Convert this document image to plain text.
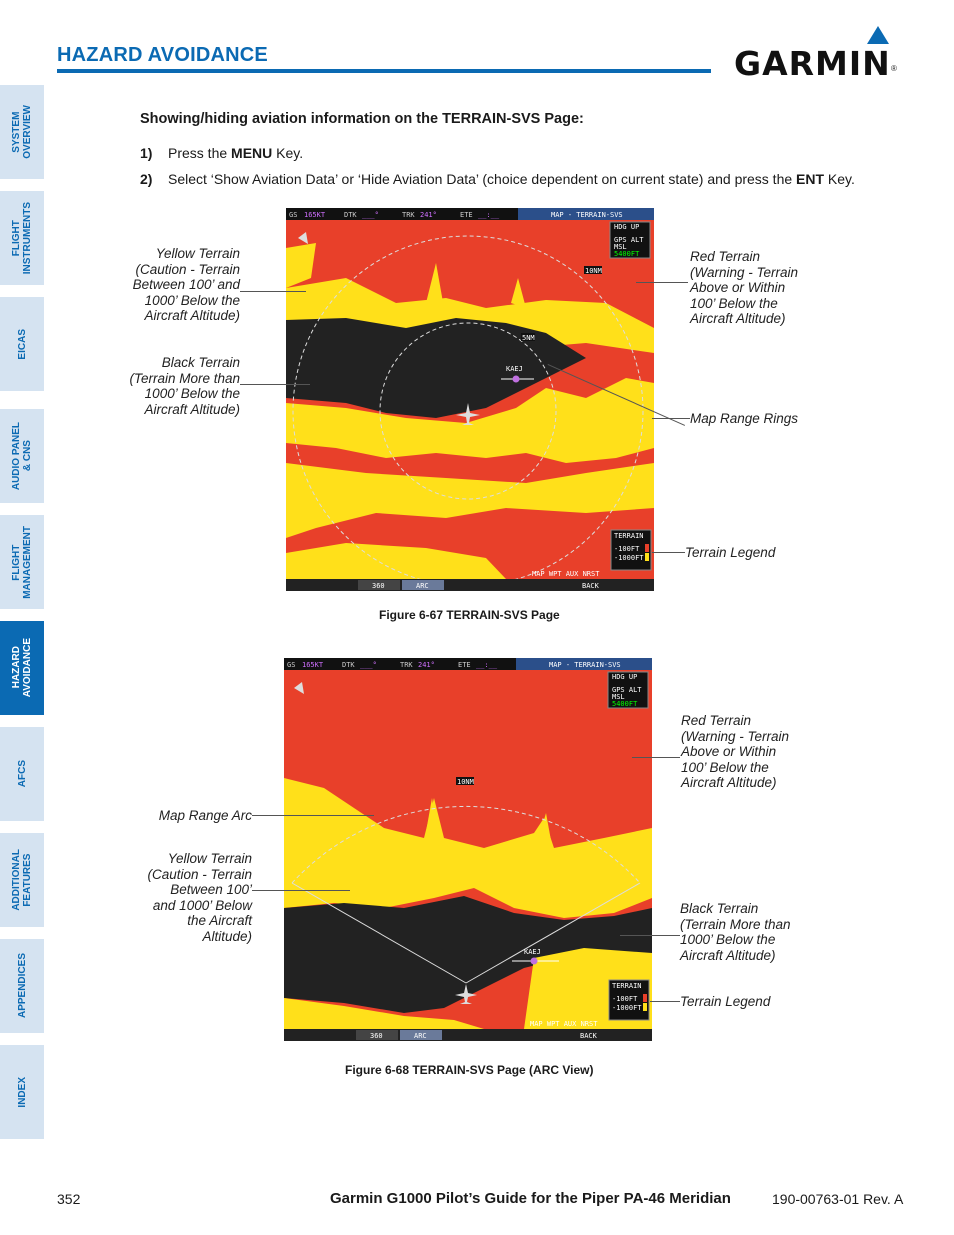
HAZARD AVOIDANCE	GARMIN ®
SYSTEM
OVERVIEW
FLIGHT
INSTRUMENTS
EICAS
AUDIO PANEL
& CNS
FLIGHT
MANAGEMENT
HAZARD
AVOIDANCE
AFCS
ADDITIONAL
FEATURES
APPENDICES
INDEX
Showing/hiding aviation information on the TERRAIN-SVS Page:
1) Press the MENU Key.
2) Select ‘Show Aviation Data’ or ‘Hide Aviation Data’ (choice dependent on current state) and press the ENT Key.
GS 165KT	DTK ___°	TRK 241°	ETE __:__	MAP - TERRAIN-SVS
HDG UP
GPS ALT
MSL
5400FT
10NM
5NM
KAEJ
TERRAIN
-100FT
-1000FT
360	ARC	BACK
MAP WPT AUX NRST
Yellow Terrain
(Caution - Terrain
Between 100’ and
1000’ Below the
Aircraft Altitude)
Black Terrain
(Terrain More than
1000’ Below the
Aircraft Altitude)
Red Terrain
(Warning - Terrain
Above or Within
100’ Below the
Aircraft Altitude)
Map Range Rings
Terrain Legend
Figure 6-67 TERRAIN-SVS Page
GS 165KT	DTK ___°	TRK 241°	ETE __:__	MAP - TERRAIN-SVS
HDG UP
GPS ALT
MSL
5400FT
10NM
KAEJ
TERRAIN
-100FT
-1000FT
360	ARC	BACK
MAP WPT AUX NRST
Red Terrain
(Warning - Terrain
Above or Within
100’ Below the
Aircraft Altitude)
Map Range Arc
Yellow Terrain
(Caution - Terrain
Between 100’
and 1000’ Below
the Aircraft
Altitude)
Black Terrain
(Terrain More than
1000’ Below the
Aircraft Altitude)
Terrain Legend
Figure 6-68 TERRAIN-SVS Page (ARC View)
352	Garmin G1000 Pilot’s Guide for the Piper PA-46 Meridian	190-00763-01 Rev. A
